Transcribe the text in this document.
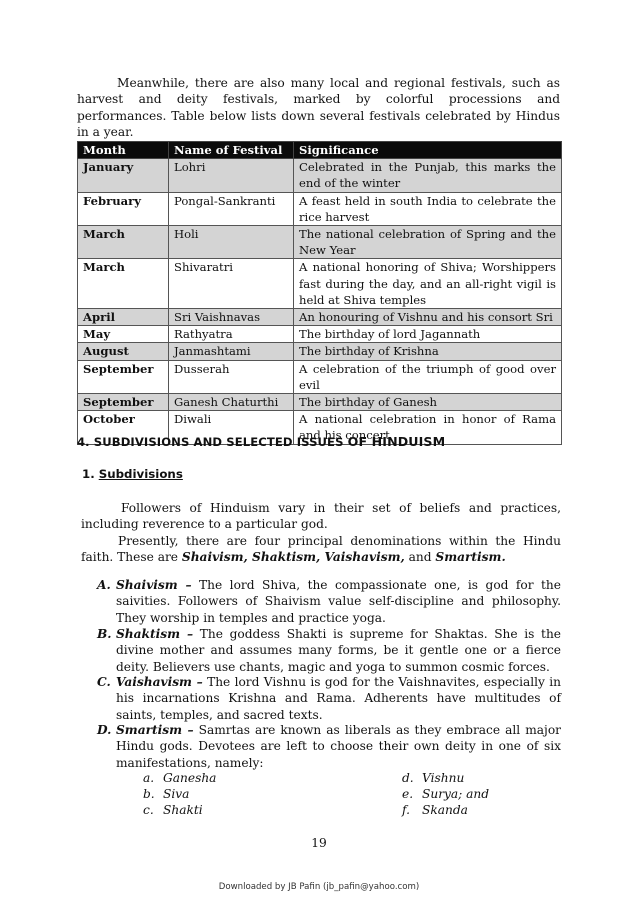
Meanwhile, there are also many local and regional festivals, such as harvest and deity festivals, marked by colorful processions and performances. Table below lists down several festivals celebrated by Hindus in a year.

Month	Name of Festival	Significance
January	Lohri	Celebrated in the Punjab, this marks the end of the winter
February	Pongal-Sankranti	A feast held in south India to celebrate the rice harvest
March	Holi	The national celebration of Spring and the New Year
March	Shivaratri	A national honoring of Shiva; Worshippers fast during the day, and an all-right vigil is held at Shiva temples
April	Sri Vaishnavas	An honouring of Vishnu and his consort Sri
May	Rathyatra	The birthday of lord Jagannath
August	Janmashtami	The birthday of Krishna
September	Dusserah	A celebration of the triumph of good over evil
September	Ganesh Chaturthi	The birthday of Ganesh
October	Diwali	A national celebration in honor of Rama and his concert
4. SUBDIVISIONS AND SELECTED ISSUES OF HINDUISM
1. Subdivisions

Followers of Hinduism vary in their set of beliefs and practices, including reverence to a particular god.

Presently, there are four principal denominations within the Hindu faith. These are Shaivism, Shaktism, Vaishavism, and Smartism.

A. Shaivism – The lord Shiva, the compassionate one, is god for the saivities. Followers of Shaivism value self-discipline and philosophy. They worship in temples and practice yoga.
B. Shaktism – The goddess Shakti is supreme for Shaktas. She is the divine mother and assumes many forms, be it gentle one or a fierce deity. Believers use chants, magic and yoga to summon cosmic forces.
C. Vaishavism – The lord Vishnu is god for the Vaishnavites, especially in his incarnations Krishna and Rama. Adherents have multitudes of saints, temples, and sacred texts.
D. Smartism – Samrtas are known as liberals as they embrace all major Hindu gods. Devotees are left to choose their own deity in one of six manifestations, namely:
a. Ganesha
b. Siva
c. Shakti
d. Vishnu
e. Surya; and
f. Skanda
19
Downloaded by JB Pafin (jb_pafin@yahoo.com)
